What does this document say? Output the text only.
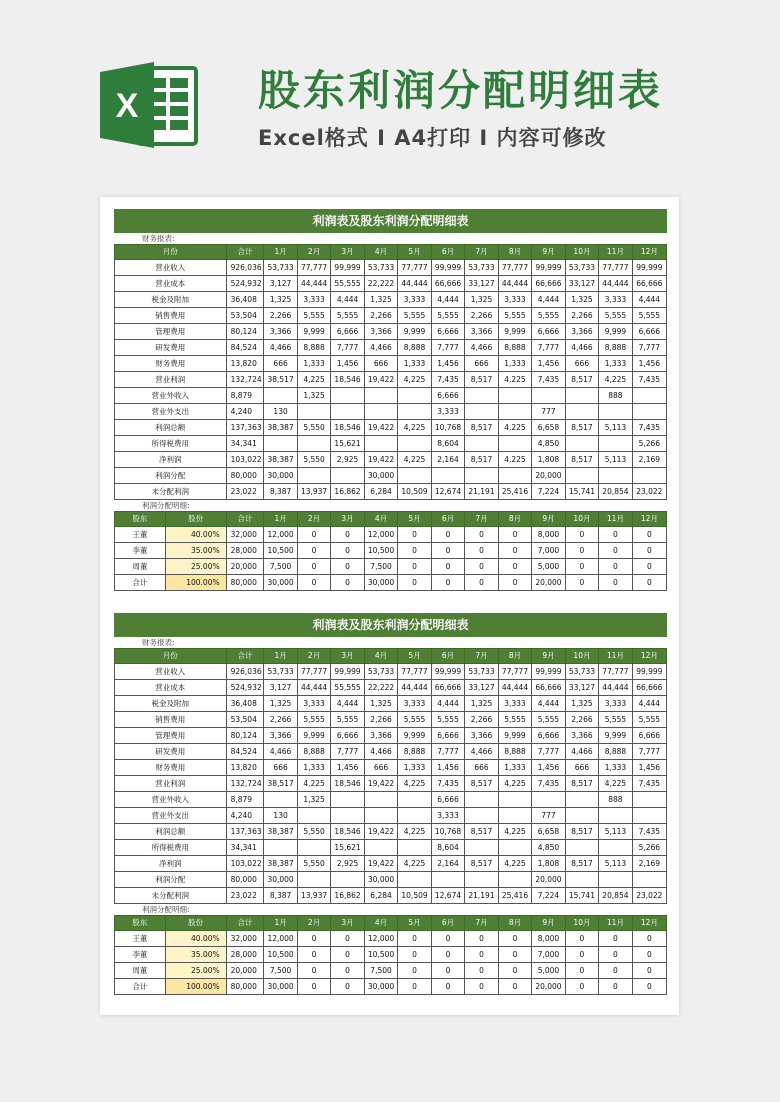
X	股东利润分配明细表
Excel格式 I A4打印 I 内容可修改
利润表及股东利润分配明细表
财务报表:
月份	合计	1月	2月	3月	4月	5月	6月	7月	8月	9月	10月	11月	12月
营业收入	926,036	53,733	77,777	99,999	53,733	77,777	99,999	53,733	77,777	99,999	53,733	77,777	99,999
营业成本	524,932	3,127	44,444	55,555	22,222	44,444	66,666	33,127	44,444	66,666	33,127	44,444	66,666
税金及附加	36,408	1,325	3,333	4,444	1,325	3,333	4,444	1,325	3,333	4,444	1,325	3,333	4,444
销售费用	53,504	2,266	5,555	5,555	2,266	5,555	5,555	2,266	5,555	5,555	2,266	5,555	5,555
管理费用	80,124	3,366	9,999	6,666	3,366	9,999	6,666	3,366	9,999	6,666	3,366	9,999	6,666
研发费用	84,524	4,466	8,888	7,777	4,466	8,888	7,777	4,466	8,888	7,777	4,466	8,888	7,777
财务费用	13,820	666	1,333	1,456	666	1,333	1,456	666	1,333	1,456	666	1,333	1,456
营业利润	132,724	38,517	4,225	18,546	19,422	4,225	7,435	8,517	4,225	7,435	8,517	4,225	7,435
营业外收入	8,879		1,325				6,666					888	
营业外支出	4,240	130					3,333			777			
利润总额	137,363	38,387	5,550	18,546	19,422	4,225	10,768	8,517	4,225	6,658	8,517	5,113	7,435
所得税费用	34,341			15,621			8,604			4,850			5,266
净利润	103,022	38,387	5,550	2,925	19,422	4,225	2,164	8,517	4,225	1,808	8,517	5,113	2,169
利润分配	80,000	30,000			30,000					20,000			
未分配利润	23,022	8,387	13,937	16,862	6,284	10,509	12,674	21,191	25,416	7,224	15,741	20,854	23,022
利润分配明细:
股东	股份	合计	1月	2月	3月	4月	5月	6月	7月	8月	9月	10月	11月	12月
王董	40.00%	32,000	12,000	0	0	12,000	0	0	0	0	8,000	0	0	0
李董	35.00%	28,000	10,500	0	0	10,500	0	0	0	0	7,000	0	0	0
周董	25.00%	20,000	7,500	0	0	7,500	0	0	0	0	5,000	0	0	0
合计	100.00%	80,000	30,000	0	0	30,000	0	0	0	0	20,000	0	0	0
利润表及股东利润分配明细表
财务报表:
月份	合计	1月	2月	3月	4月	5月	6月	7月	8月	9月	10月	11月	12月
营业收入	926,036	53,733	77,777	99,999	53,733	77,777	99,999	53,733	77,777	99,999	53,733	77,777	99,999
营业成本	524,932	3,127	44,444	55,555	22,222	44,444	66,666	33,127	44,444	66,666	33,127	44,444	66,666
税金及附加	36,408	1,325	3,333	4,444	1,325	3,333	4,444	1,325	3,333	4,444	1,325	3,333	4,444
销售费用	53,504	2,266	5,555	5,555	2,266	5,555	5,555	2,266	5,555	5,555	2,266	5,555	5,555
管理费用	80,124	3,366	9,999	6,666	3,366	9,999	6,666	3,366	9,999	6,666	3,366	9,999	6,666
研发费用	84,524	4,466	8,888	7,777	4,466	8,888	7,777	4,466	8,888	7,777	4,466	8,888	7,777
财务费用	13,820	666	1,333	1,456	666	1,333	1,456	666	1,333	1,456	666	1,333	1,456
营业利润	132,724	38,517	4,225	18,546	19,422	4,225	7,435	8,517	4,225	7,435	8,517	4,225	7,435
营业外收入	8,879		1,325				6,666					888	
营业外支出	4,240	130					3,333			777			
利润总额	137,363	38,387	5,550	18,546	19,422	4,225	10,768	8,517	4,225	6,658	8,517	5,113	7,435
所得税费用	34,341			15,621			8,604			4,850			5,266
净利润	103,022	38,387	5,550	2,925	19,422	4,225	2,164	8,517	4,225	1,808	8,517	5,113	2,169
利润分配	80,000	30,000			30,000					20,000			
未分配利润	23,022	8,387	13,937	16,862	6,284	10,509	12,674	21,191	25,416	7,224	15,741	20,854	23,022
利润分配明细:
股东	股份	合计	1月	2月	3月	4月	5月	6月	7月	8月	9月	10月	11月	12月
王董	40.00%	32,000	12,000	0	0	12,000	0	0	0	0	8,000	0	0	0
李董	35.00%	28,000	10,500	0	0	10,500	0	0	0	0	7,000	0	0	0
周董	25.00%	20,000	7,500	0	0	7,500	0	0	0	0	5,000	0	0	0
合计	100.00%	80,000	30,000	0	0	30,000	0	0	0	0	20,000	0	0	0
